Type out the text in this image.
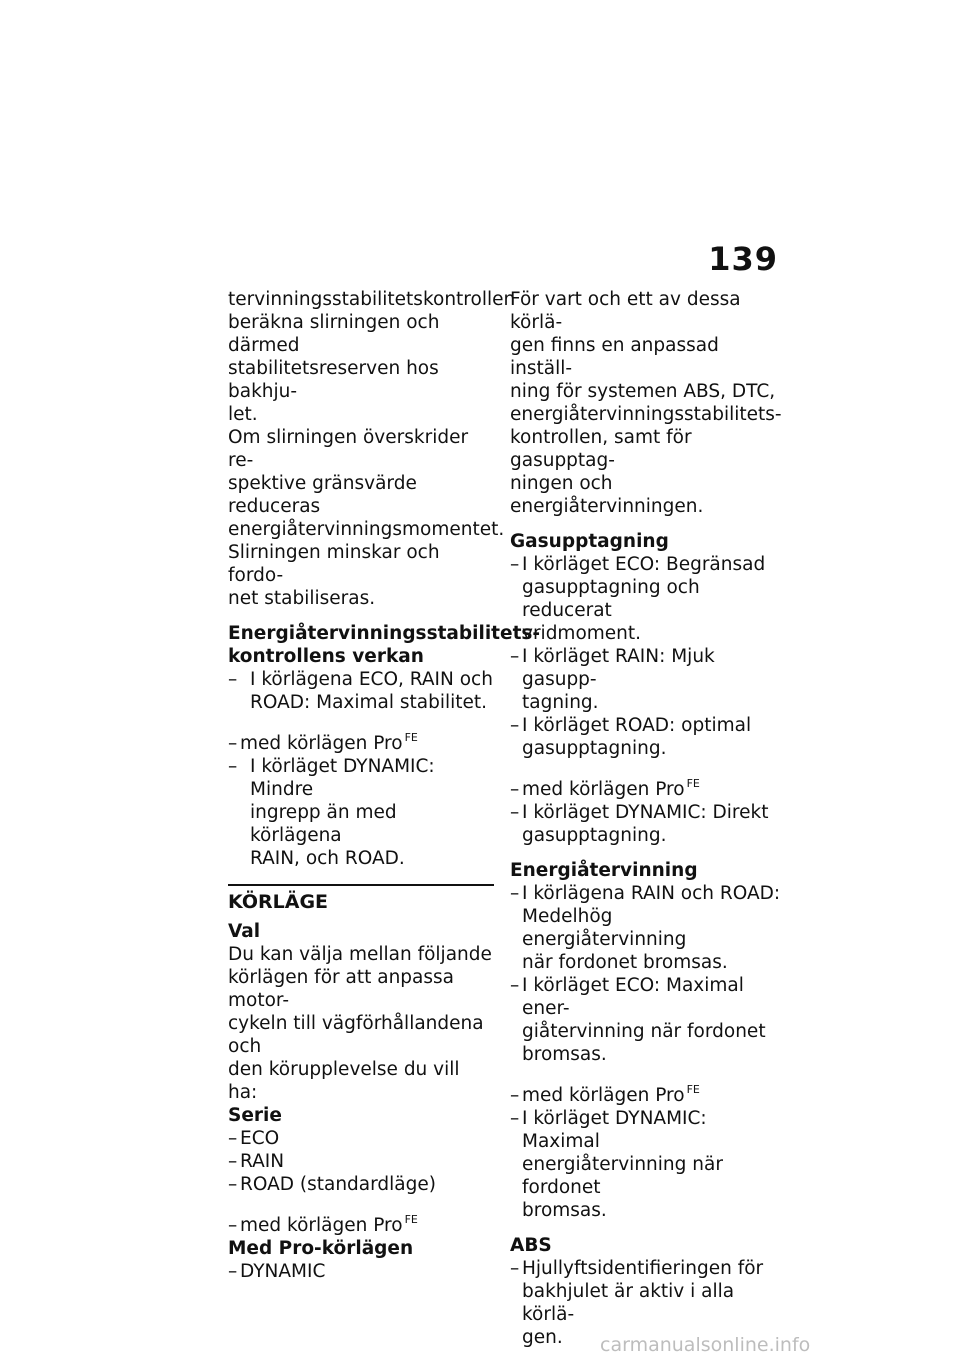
139

tervinningsstabilitetskontrollen
beräkna slirningen och därmed
stabilitetsreserven hos bakhju-
let.

Om slirningen överskrider re-
spektive gränsvärde reduceras
energiåtervinningsmomentet.
Slirningen minskar och fordo-
net stabiliseras.

Energiåtervinningsstabilitets-
kontrollens verkan

– I körlägena ECO, RAIN och
ROAD: Maximal stabilitet.

– med körlägen Pro $^{FE}$

– I körläget DYNAMIC: Mindre
ingrepp än med körlägena
RAIN, och ROAD.

KÖRLÄGE

Val

Du kan välja mellan följande
körlägen för att anpassa motor-
cykeln till vägförhållandena och
den körupplevelse du vill ha:

Serie

– ECO

– RAIN

– ROAD (standardläge)

– med körlägen Pro $^{FE}$

Med Pro-körlägen

– DYNAMIC

För vart och ett av dessa körlä-
gen finns en anpassad inställ-
ning för systemen ABS, DTC,
energiåtervinningsstabilitets-
kontrollen, samt för gasupptag-
ningen och energiåtervinningen.

Gasupptagning

– I körläget ECO: Begränsad
gasupptagning och reducerat
vridmoment.

– I körläget RAIN: Mjuk gasupp-
tagning.

– I körläget ROAD: optimal
gasupptagning.

– med körlägen Pro $^{FE}$

– I körläget DYNAMIC: Direkt
gasupptagning.

Energiåtervinning

– I körlägena RAIN och ROAD:
Medelhög energiåtervinning
när fordonet bromsas.

– I körläget ECO: Maximal ener-
giåtervinning när fordonet
bromsas.

– med körlägen Pro $^{FE}$

– I körläget DYNAMIC: Maximal
energiåtervinning när fordonet
bromsas.

ABS

– Hjullyftsidentifieringen för
bakhjulet är aktiv i alla körlä-
gen.	carmanualsonline.info
